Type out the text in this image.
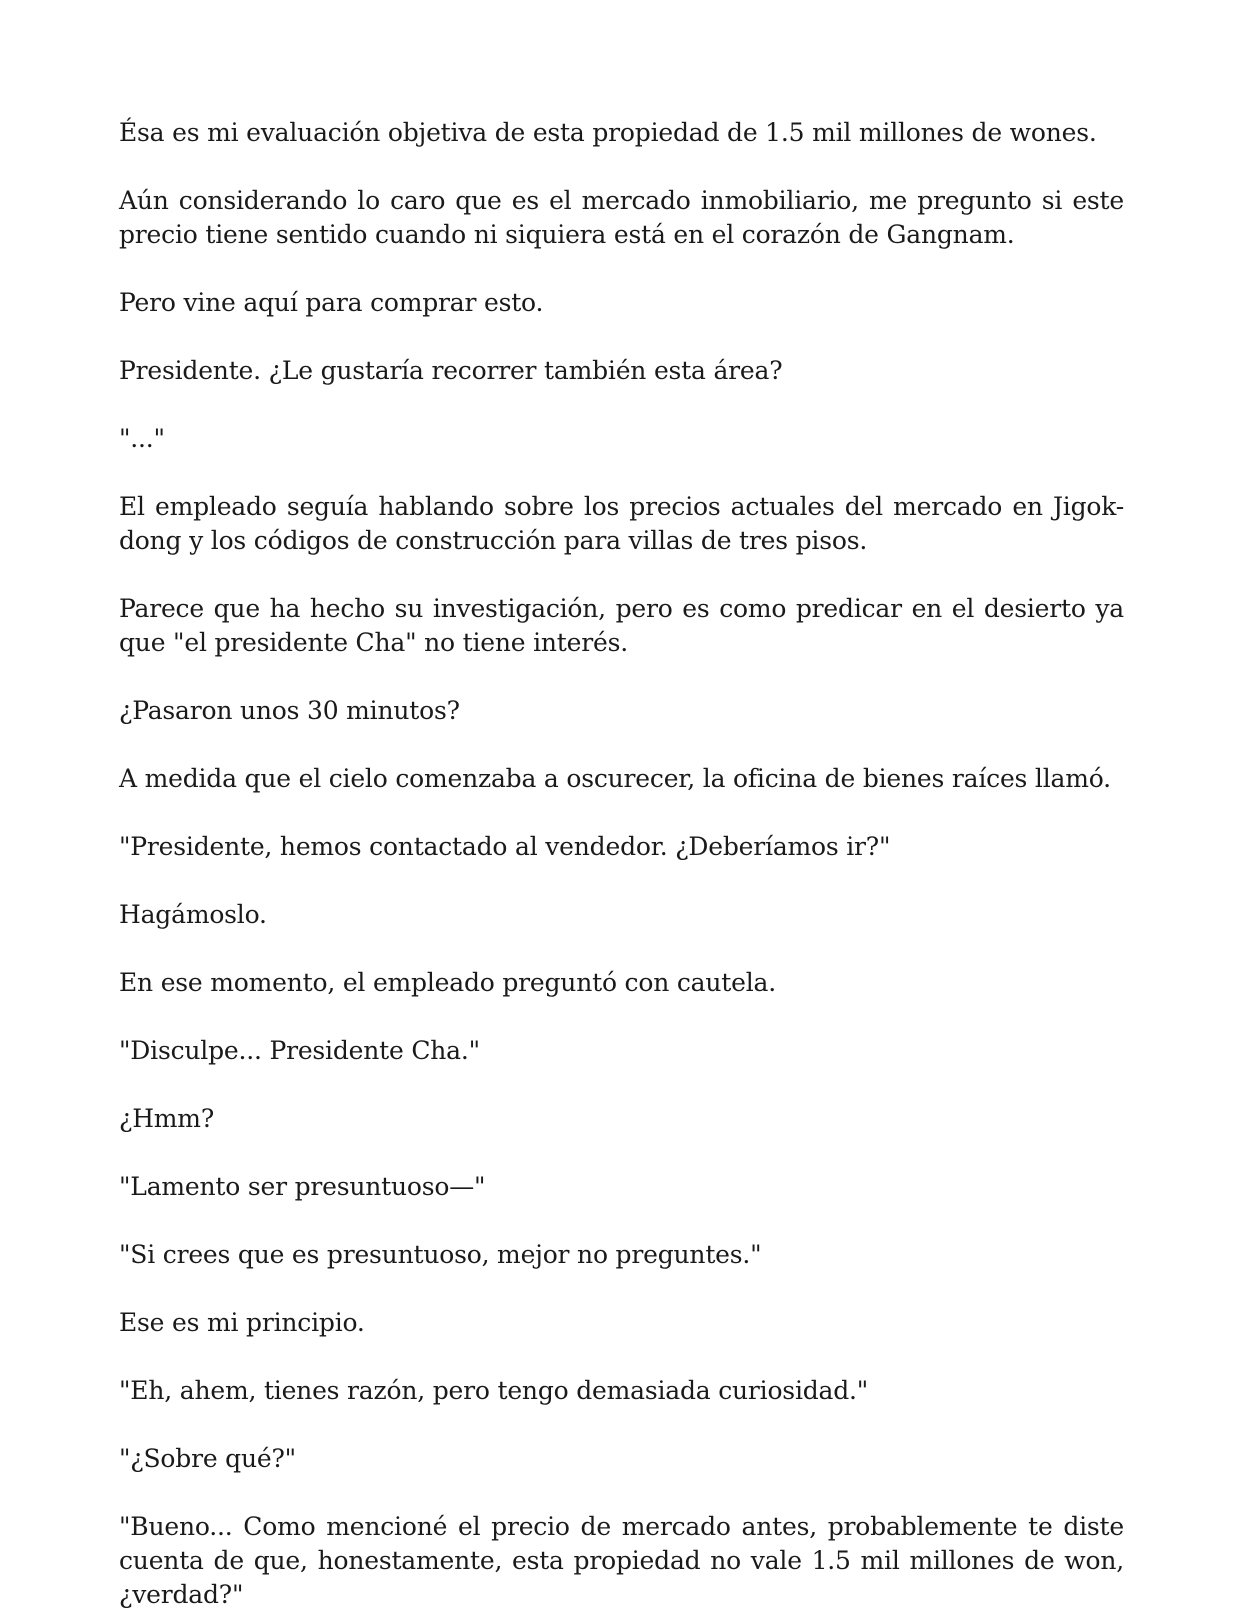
Ésa es mi evaluación objetiva de esta propiedad de 1.5 mil millones de wones.

Aún considerando lo caro que es el mercado inmobiliario, me pregunto si este precio tiene sentido cuando ni siquiera está en el corazón de Gangnam.

Pero vine aquí para comprar esto.

Presidente. ¿Le gustaría recorrer también esta área?

"..."

El empleado seguía hablando sobre los precios actuales del mercado en Jigok-dong y los códigos de construcción para villas de tres pisos.

Parece que ha hecho su investigación, pero es como predicar en el desierto ya que "el presidente Cha" no tiene interés.

¿Pasaron unos 30 minutos?

A medida que el cielo comenzaba a oscurecer, la oficina de bienes raíces llamó.

"Presidente, hemos contactado al vendedor. ¿Deberíamos ir?"

Hagámoslo.

En ese momento, el empleado preguntó con cautela.

"Disculpe... Presidente Cha."

¿Hmm?

"Lamento ser presuntuoso—"

"Si crees que es presuntuoso, mejor no preguntes."

Ese es mi principio.

"Eh, ahem, tienes razón, pero tengo demasiada curiosidad."

"¿Sobre qué?"

"Bueno... Como mencioné el precio de mercado antes, probablemente te diste cuenta de que, honestamente, esta propiedad no vale 1.5 mil millones de won, ¿verdad?"
